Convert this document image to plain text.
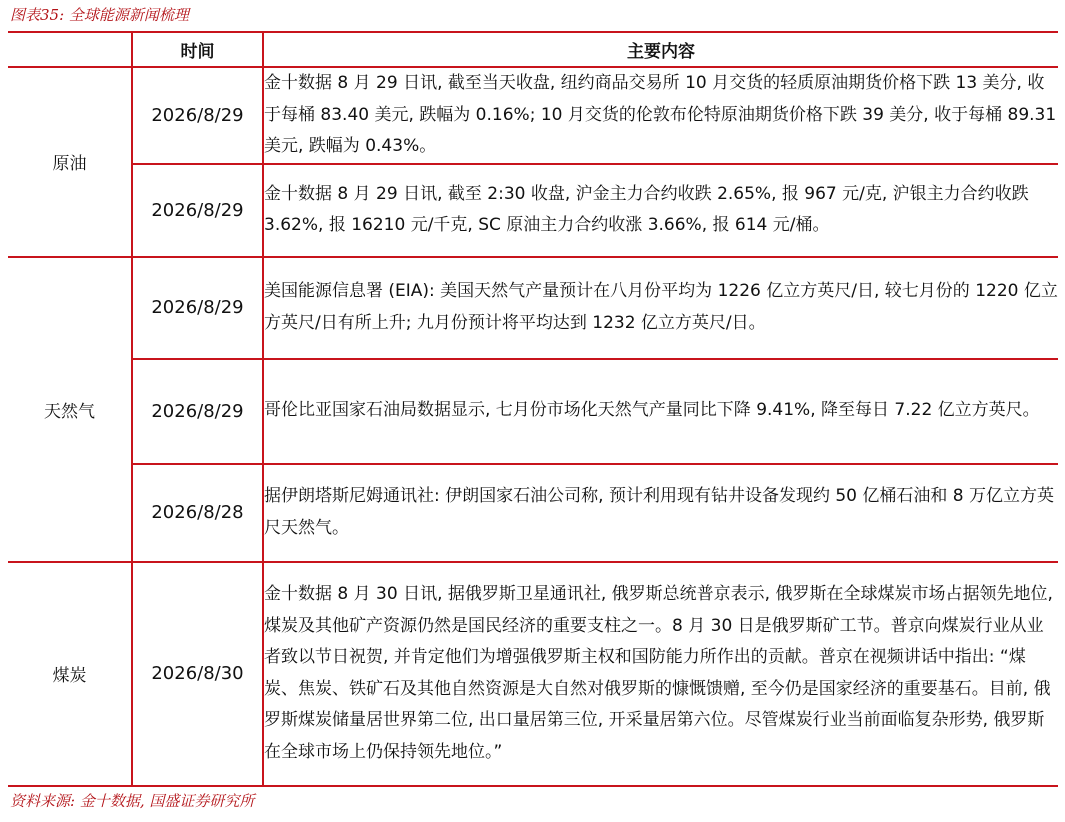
图表35: 全球能源新闻梳理
	时间	主要内容
原油	2026/8/29	金十数据 8 月 29 日讯, 截至当天收盘, 纽约商品交易所 10 月交货的轻质原油期货价格下跌 13 美分, 收于每桶 83.40 美元, 跌幅为 0.16%; 10 月交货的伦敦布伦特原油期货价格下跌 39 美分, 收于每桶 89.31 美元, 跌幅为 0.43%。
	2026/8/29	金十数据 8 月 29 日讯, 截至 2:30 收盘, 沪金主力合约收跌 2.65%, 报 967 元/克, 沪银主力合约收跌 3.62%, 报 16210 元/千克, SC 原油主力合约收涨 3.66%, 报 614 元/桶。
天然气	2026/8/29	美国能源信息署 (EIA): 美国天然气产量预计在八月份平均为 1226 亿立方英尺/日, 较七月份的 1220 亿立方英尺/日有所上升; 九月份预计将平均达到 1232 亿立方英尺/日。
	2026/8/29	哥伦比亚国家石油局数据显示, 七月份市场化天然气产量同比下降 9.41%, 降至每日 7.22 亿立方英尺。
	2026/8/28	据伊朗塔斯尼姆通讯社: 伊朗国家石油公司称, 预计利用现有钻井设备发现约 50 亿桶石油和 8 万亿立方英尺天然气。
煤炭	2026/8/30	金十数据 8 月 30 日讯, 据俄罗斯卫星通讯社, 俄罗斯总统普京表示, 俄罗斯在全球煤炭市场占据领先地位, 煤炭及其他矿产资源仍然是国民经济的重要支柱之一。8 月 30 日是俄罗斯矿工节。普京向煤炭行业从业者致以节日祝贺, 并肯定他们为增强俄罗斯主权和国防能力所作出的贡献。普京在视频讲话中指出: “煤炭、焦炭、铁矿石及其他自然资源是大自然对俄罗斯的慷慨馈赠, 至今仍是国家经济的重要基石。目前, 俄罗斯煤炭储量居世界第二位, 出口量居第三位, 开采量居第六位。尽管煤炭行业当前面临复杂形势, 俄罗斯在全球市场上仍保持领先地位。”
资料来源: 金十数据, 国盛证券研究所
